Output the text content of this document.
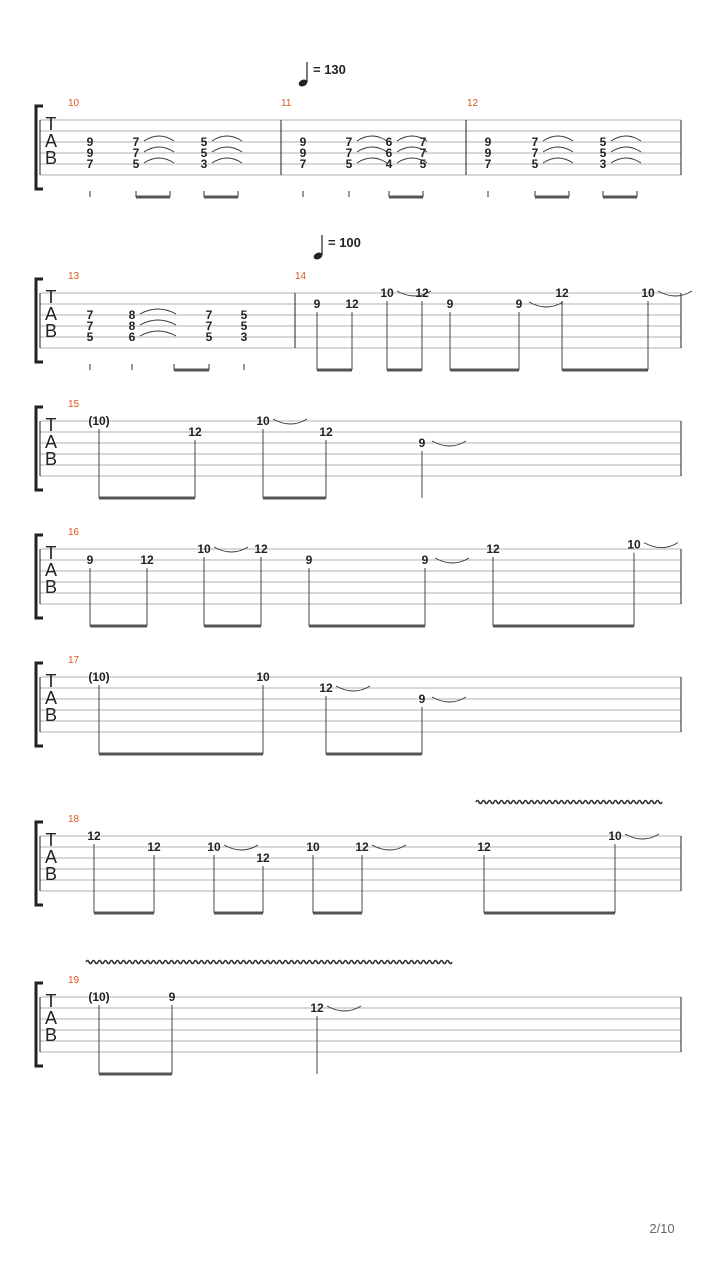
= 130
= 100
T
A
B
10
9
9
7
7
7
5
5
5
3
11
9
9
7
7
7
5
6
6
4
7
7
5
12
9
9
7
7
7
5
5
5
3
T
A
B
13
7
7
5
8
8
6
7
7
5
5
5
3
14
9 12
10 12
9	9
12	10
T
A
B
15
(10)
12
10
12
9
T
A
B
16
9	12
10	12
9	9
12	10
T
A
B
17
(10)	10
12
9
T
A
B
18
12
12	10
12
10	12	12
10
T
A
B
19
(10)	9
12
2/10
